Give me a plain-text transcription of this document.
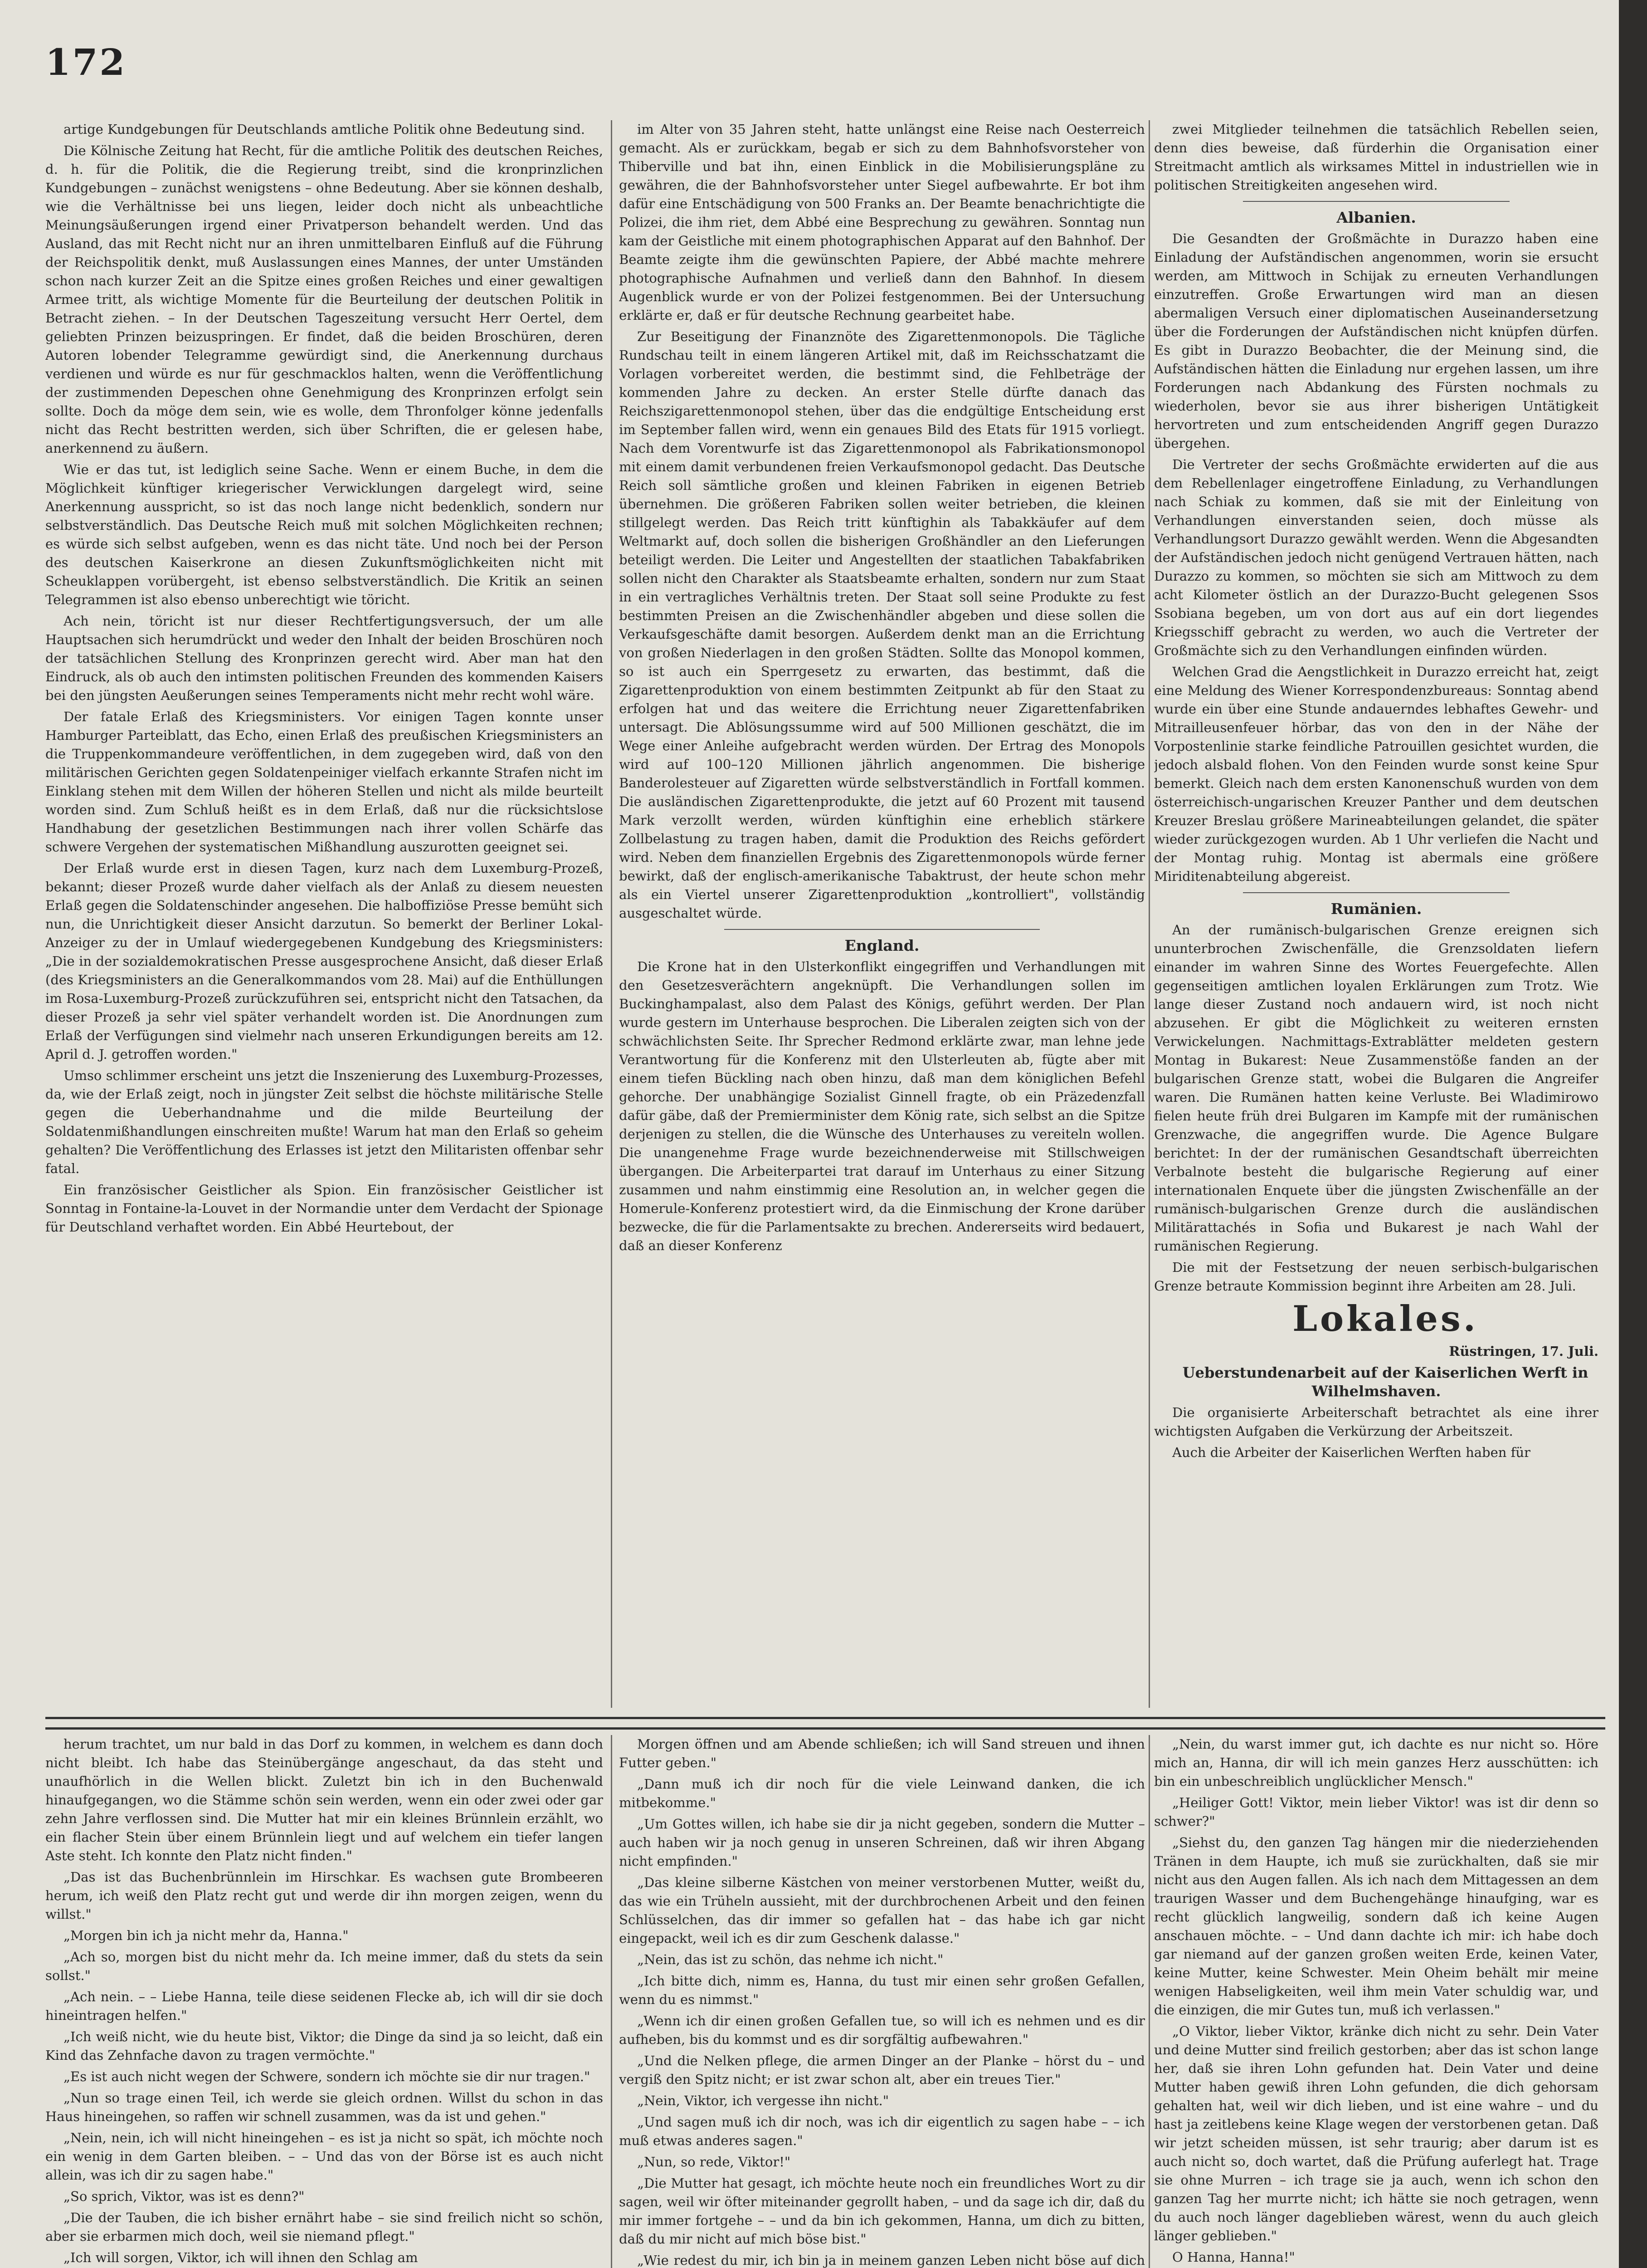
172

artige Kundgebungen für Deutschlands amtliche Politik ohne Bedeutung sind.

Die Kölnische Zeitung hat Recht, für die amtliche Politik des deutschen Reiches, d. h. für die Politik, die die Regierung treibt, sind die kronprinzlichen Kundgebungen – zunächst wenigstens – ohne Bedeutung. Aber sie können deshalb, wie die Verhältnisse bei uns liegen, leider doch nicht als unbeachtliche Meinungsäußerungen irgend einer Privatperson behandelt werden. Und das Ausland, das mit Recht nicht nur an ihren unmittelbaren Einfluß auf die Führung der Reichspolitik denkt, muß Auslassungen eines Mannes, der unter Umständen schon nach kurzer Zeit an die Spitze eines großen Reiches und einer gewaltigen Armee tritt, als wichtige Momente für die Beurteilung der deutschen Politik in Betracht ziehen. – In der Deutschen Tageszeitung versucht Herr Oertel, dem geliebten Prinzen beizuspringen. Er findet, daß die beiden Broschüren, deren Autoren lobender Telegramme gewürdigt sind, die Anerkennung durchaus verdienen und würde es nur für geschmacklos halten, wenn die Veröffentlichung der zustimmenden Depeschen ohne Genehmigung des Kronprinzen erfolgt sein sollte. Doch da möge dem sein, wie es wolle, dem Thronfolger könne jedenfalls nicht das Recht bestritten werden, sich über Schriften, die er gelesen habe, anerkennend zu äußern.

Wie er das tut, ist lediglich seine Sache. Wenn er einem Buche, in dem die Möglichkeit künftiger kriegerischer Verwicklungen dargelegt wird, seine Anerkennung ausspricht, so ist das noch lange nicht bedenklich, sondern nur selbstverständlich. Das Deutsche Reich muß mit solchen Möglichkeiten rechnen; es würde sich selbst aufgeben, wenn es das nicht täte. Und noch bei der Person des deutschen Kaiserkrone an diesen Zukunftsmöglichkeiten nicht mit Scheuklappen vorübergeht, ist ebenso selbstverständlich. Die Kritik an seinen Telegrammen ist also ebenso unberechtigt wie töricht.

Ach nein, töricht ist nur dieser Rechtfertigungsversuch, der um alle Hauptsachen sich herumdrückt und weder den Inhalt der beiden Broschüren noch der tatsächlichen Stellung des Kronprinzen gerecht wird. Aber man hat den Eindruck, als ob auch den intimsten politischen Freunden des kommenden Kaisers bei den jüngsten Aeußerungen seines Temperaments nicht mehr recht wohl wäre.

Der fatale Erlaß des Kriegsministers. Vor einigen Tagen konnte unser Hamburger Parteiblatt, das Echo, einen Erlaß des preußischen Kriegsministers an die Truppenkommandeure veröffentlichen, in dem zugegeben wird, daß von den militärischen Gerichten gegen Soldatenpeiniger vielfach erkannte Strafen nicht im Einklang stehen mit dem Willen der höheren Stellen und nicht als milde beurteilt worden sind. Zum Schluß heißt es in dem Erlaß, daß nur die rücksichtslose Handhabung der gesetzlichen Bestimmungen nach ihrer vollen Schärfe das schwere Vergehen der systematischen Mißhandlung auszurotten geeignet sei.

Der Erlaß wurde erst in diesen Tagen, kurz nach dem Luxemburg-Prozeß, bekannt; dieser Prozeß wurde daher vielfach als der Anlaß zu diesem neuesten Erlaß gegen die Soldatenschinder angesehen. Die halboffiziöse Presse bemüht sich nun, die Unrichtigkeit dieser Ansicht darzutun. So bemerkt der Berliner Lokal-Anzeiger zu der in Umlauf wiedergegebenen Kundgebung des Kriegsministers: „Die in der sozialdemokratischen Presse ausgesprochene Ansicht, daß dieser Erlaß (des Kriegsministers an die Generalkommandos vom 28. Mai) auf die Enthüllungen im Rosa-Luxemburg-Prozeß zurückzuführen sei, entspricht nicht den Tatsachen, da dieser Prozeß ja sehr viel später verhandelt worden ist. Die Anordnungen zum Erlaß der Verfügungen sind vielmehr nach unseren Erkundigungen bereits am 12. April d. J. getroffen worden."

Umso schlimmer erscheint uns jetzt die Inszenierung des Luxemburg-Prozesses, da, wie der Erlaß zeigt, noch in jüngster Zeit selbst die höchste militärische Stelle gegen die Ueberhandnahme und die milde Beurteilung der Soldatenmißhandlungen einschreiten mußte! Warum hat man den Erlaß so geheim gehalten? Die Veröffentlichung des Erlasses ist jetzt den Militaristen offenbar sehr fatal.

Ein französischer Geistlicher als Spion. Ein französischer Geistlicher ist Sonntag in Fontaine-la-Louvet in der Normandie unter dem Verdacht der Spionage für Deutschland verhaftet worden. Ein Abbé Heurtebout, der

im Alter von 35 Jahren steht, hatte unlängst eine Reise nach Oesterreich gemacht. Als er zurückkam, begab er sich zu dem Bahnhofsvorsteher von Thiberville und bat ihn, einen Einblick in die Mobilisierungspläne zu gewähren, die der Bahnhofsvorsteher unter Siegel aufbewahrte. Er bot ihm dafür eine Entschädigung von 500 Franks an. Der Beamte benachrichtigte die Polizei, die ihm riet, dem Abbé eine Besprechung zu gewähren. Sonntag nun kam der Geistliche mit einem photographischen Apparat auf den Bahnhof. Der Beamte zeigte ihm die gewünschten Papiere, der Abbé machte mehrere photographische Aufnahmen und verließ dann den Bahnhof. In diesem Augenblick wurde er von der Polizei festgenommen. Bei der Untersuchung erklärte er, daß er für deutsche Rechnung gearbeitet habe.

Zur Beseitigung der Finanznöte des Zigarettenmonopols. Die Tägliche Rundschau teilt in einem längeren Artikel mit, daß im Reichsschatzamt die Vorlagen vorbereitet werden, die bestimmt sind, die Fehlbeträge der kommenden Jahre zu decken. An erster Stelle dürfte danach das Reichszigarettenmonopol stehen, über das die endgültige Entscheidung erst im September fallen wird, wenn ein genaues Bild des Etats für 1915 vorliegt. Nach dem Vorentwurfe ist das Zigarettenmonopol als Fabrikationsmonopol mit einem damit verbundenen freien Verkaufsmonopol gedacht. Das Deutsche Reich soll sämtliche großen und kleinen Fabriken in eigenen Betrieb übernehmen. Die größeren Fabriken sollen weiter betrieben, die kleinen stillgelegt werden. Das Reich tritt künftighin als Tabakkäufer auf dem Weltmarkt auf, doch sollen die bisherigen Großhändler an den Lieferungen beteiligt werden. Die Leiter und Angestellten der staatlichen Tabakfabriken sollen nicht den Charakter als Staatsbeamte erhalten, sondern nur zum Staat in ein vertragliches Verhältnis treten. Der Staat soll seine Produkte zu fest bestimmten Preisen an die Zwischenhändler abgeben und diese sollen die Verkaufsgeschäfte damit besorgen. Außerdem denkt man an die Errichtung von großen Niederlagen in den großen Städten. Sollte das Monopol kommen, so ist auch ein Sperrgesetz zu erwarten, das bestimmt, daß die Zigarettenproduktion von einem bestimmten Zeitpunkt ab für den Staat zu erfolgen hat und das weitere die Errichtung neuer Zigarettenfabriken untersagt. Die Ablösungssumme wird auf 500 Millionen geschätzt, die im Wege einer Anleihe aufgebracht werden würden. Der Ertrag des Monopols wird auf 100–120 Millionen jährlich angenommen. Die bisherige Banderolesteuer auf Zigaretten würde selbstverständlich in Fortfall kommen. Die ausländischen Zigarettenprodukte, die jetzt auf 60 Prozent mit tausend Mark verzollt werden, würden künftighin eine erheblich stärkere Zollbelastung zu tragen haben, damit die Produktion des Reichs gefördert wird. Neben dem finanziellen Ergebnis des Zigarettenmonopols würde ferner bewirkt, daß der englisch-amerikanische Tabaktrust, der heute schon mehr als ein Viertel unserer Zigarettenproduktion „kontrolliert", vollständig ausgeschaltet würde.

England.

Die Krone hat in den Ulsterkonflikt eingegriffen und Verhandlungen mit den Gesetzesverächtern angeknüpft. Die Verhandlungen sollen im Buckinghampalast, also dem Palast des Königs, geführt werden. Der Plan wurde gestern im Unterhause besprochen. Die Liberalen zeigten sich von der schwächlichsten Seite. Ihr Sprecher Redmond erklärte zwar, man lehne jede Verantwortung für die Konferenz mit den Ulsterleuten ab, fügte aber mit einem tiefen Bückling nach oben hinzu, daß man dem königlichen Befehl gehorche. Der unabhängige Sozialist Ginnell fragte, ob ein Präzedenzfall dafür gäbe, daß der Premierminister dem König rate, sich selbst an die Spitze derjenigen zu stellen, die die Wünsche des Unterhauses zu vereiteln wollen. Die unangenehme Frage wurde bezeichnenderweise mit Stillschweigen übergangen. Die Arbeiterpartei trat darauf im Unterhaus zu einer Sitzung zusammen und nahm einstimmig eine Resolution an, in welcher gegen die Homerule-Konferenz protestiert wird, da die Einmischung der Krone darüber bezwecke, die für die Parlamentsakte zu brechen. Andererseits wird bedauert, daß an dieser Konferenz

zwei Mitglieder teilnehmen die tatsächlich Rebellen seien, denn dies beweise, daß fürderhin die Organisation einer Streitmacht amtlich als wirksames Mittel in industriellen wie in politischen Streitigkeiten angesehen wird.

Albanien.

Die Gesandten der Großmächte in Durazzo haben eine Einladung der Aufständischen angenommen, worin sie ersucht werden, am Mittwoch in Schijak zu erneuten Verhandlungen einzutreffen. Große Erwartungen wird man an diesen abermaligen Versuch einer diplomatischen Auseinandersetzung über die Forderungen der Aufständischen nicht knüpfen dürfen. Es gibt in Durazzo Beobachter, die der Meinung sind, die Aufständischen hätten die Einladung nur ergehen lassen, um ihre Forderungen nach Abdankung des Fürsten nochmals zu wiederholen, bevor sie aus ihrer bisherigen Untätigkeit hervortreten und zum entscheidenden Angriff gegen Durazzo übergehen.

Die Vertreter der sechs Großmächte erwiderten auf die aus dem Rebellenlager eingetroffene Einladung, zu Verhandlungen nach Schiak zu kommen, daß sie mit der Einleitung von Verhandlungen einverstanden seien, doch müsse als Verhandlungsort Durazzo gewählt werden. Wenn die Abgesandten der Aufständischen jedoch nicht genügend Vertrauen hätten, nach Durazzo zu kommen, so möchten sie sich am Mittwoch zu dem acht Kilometer östlich an der Durazzo-Bucht gelegenen Ssos Ssobiana begeben, um von dort aus auf ein dort liegendes Kriegsschiff gebracht zu werden, wo auch die Vertreter der Großmächte sich zu den Verhandlungen einfinden würden.

Welchen Grad die Aengstlichkeit in Durazzo erreicht hat, zeigt eine Meldung des Wiener Korrespondenzbureaus: Sonntag abend wurde ein über eine Stunde andauerndes lebhaftes Gewehr- und Mitrailleusenfeuer hörbar, das von den in der Nähe der Vorpostenlinie starke feindliche Patrouillen gesichtet wurden, die jedoch alsbald flohen. Von den Feinden wurde sonst keine Spur bemerkt. Gleich nach dem ersten Kanonenschuß wurden von dem österreichisch-ungarischen Kreuzer Panther und dem deutschen Kreuzer Breslau größere Marineabteilungen gelandet, die später wieder zurückgezogen wurden. Ab 1 Uhr verliefen die Nacht und der Montag ruhig. Montag ist abermals eine größere Miriditenabteilung abgereist.

Rumänien.

An der rumänisch-bulgarischen Grenze ereignen sich ununterbrochen Zwischenfälle, die Grenzsoldaten liefern einander im wahren Sinne des Wortes Feuergefechte. Allen gegenseitigen amtlichen loyalen Erklärungen zum Trotz. Wie lange dieser Zustand noch andauern wird, ist noch nicht abzusehen. Er gibt die Möglichkeit zu weiteren ernsten Verwickelungen. Nachmittags-Extrablätter meldeten gestern Montag in Bukarest: Neue Zusammenstöße fanden an der bulgarischen Grenze statt, wobei die Bulgaren die Angreifer waren. Die Rumänen hatten keine Verluste. Bei Wladimirowo fielen heute früh drei Bulgaren im Kampfe mit der rumänischen Grenzwache, die angegriffen wurde. Die Agence Bulgare berichtet: In der der rumänischen Gesandtschaft überreichten Verbalnote besteht die bulgarische Regierung auf einer internationalen Enquete über die jüngsten Zwischenfälle an der rumänisch-bulgarischen Grenze durch die ausländischen Militärattachés in Sofia und Bukarest je nach Wahl der rumänischen Regierung.

Die mit der Festsetzung der neuen serbisch-bulgarischen Grenze betraute Kommission beginnt ihre Arbeiten am 28. Juli.

Lokales.

Rüstringen, 17. Juli.

Ueberstundenarbeit auf der Kaiserlichen Werft in Wilhelmshaven.

Die organisierte Arbeiterschaft betrachtet als eine ihrer wichtigsten Aufgaben die Verkürzung der Arbeitszeit.

Auch die Arbeiter der Kaiserlichen Werften haben für

herum trachtet, um nur bald in das Dorf zu kommen, in welchem es dann doch nicht bleibt. Ich habe das Steinübergänge angeschaut, da das steht und unaufhörlich in die Wellen blickt. Zuletzt bin ich in den Buchenwald hinaufgegangen, wo die Stämme schön sein werden, wenn ein oder zwei oder gar zehn Jahre verflossen sind. Die Mutter hat mir ein kleines Brünnlein erzählt, wo ein flacher Stein über einem Brünnlein liegt und auf welchem ein tiefer langen Aste steht. Ich konnte den Platz nicht finden."

„Das ist das Buchenbrünnlein im Hirschkar. Es wachsen gute Brombeeren herum, ich weiß den Platz recht gut und werde dir ihn morgen zeigen, wenn du willst."

„Morgen bin ich ja nicht mehr da, Hanna."

„Ach so, morgen bist du nicht mehr da. Ich meine immer, daß du stets da sein sollst."

„Ach nein. – – Liebe Hanna, teile diese seidenen Flecke ab, ich will dir sie doch hineintragen helfen."

„Ich weiß nicht, wie du heute bist, Viktor; die Dinge da sind ja so leicht, daß ein Kind das Zehnfache davon zu tragen vermöchte."

„Es ist auch nicht wegen der Schwere, sondern ich möchte sie dir nur tragen."

„Nun so trage einen Teil, ich werde sie gleich ordnen. Willst du schon in das Haus hineingehen, so raffen wir schnell zusammen, was da ist und gehen."

„Nein, nein, ich will nicht hineingehen – es ist ja nicht so spät, ich möchte noch ein wenig in dem Garten bleiben. – – Und das von der Börse ist es auch nicht allein, was ich dir zu sagen habe."

„So sprich, Viktor, was ist es denn?"

„Die der Tauben, die ich bisher ernährt habe – sie sind freilich nicht so schön, aber sie erbarmen mich doch, weil sie niemand pflegt."

„Ich will sorgen, Viktor, ich will ihnen den Schlag am

Morgen öffnen und am Abende schließen; ich will Sand streuen und ihnen Futter geben."

„Dann muß ich dir noch für die viele Leinwand danken, die ich mitbekomme."

„Um Gottes willen, ich habe sie dir ja nicht gegeben, sondern die Mutter – auch haben wir ja noch genug in unseren Schreinen, daß wir ihren Abgang nicht empfinden."

„Das kleine silberne Kästchen von meiner verstorbenen Mutter, weißt du, das wie ein Trüheln aussieht, mit der durchbrochenen Arbeit und den feinen Schlüsselchen, das dir immer so gefallen hat – das habe ich gar nicht eingepackt, weil ich es dir zum Geschenk dalasse."

„Nein, das ist zu schön, das nehme ich nicht."

„Ich bitte dich, nimm es, Hanna, du tust mir einen sehr großen Gefallen, wenn du es nimmst."

„Wenn ich dir einen großen Gefallen tue, so will ich es nehmen und es dir aufheben, bis du kommst und es dir sorgfältig aufbewahren."

„Und die Nelken pflege, die armen Dinger an der Planke – hörst du – und vergiß den Spitz nicht; er ist zwar schon alt, aber ein treues Tier."

„Nein, Viktor, ich vergesse ihn nicht."

„Und sagen muß ich dir noch, was ich dir eigentlich zu sagen habe – – ich muß etwas anderes sagen."

„Nun, so rede, Viktor!"

„Die Mutter hat gesagt, ich möchte heute noch ein freundliches Wort zu dir sagen, weil wir öfter miteinander gegrollt haben, – und da sage ich dir, daß du mir immer fortgehe – – und da bin ich gekommen, Hanna, um dich zu bitten, daß du mir nicht auf mich böse bist."

„Wie redest du mir, ich bin ja in meinem ganzen Leben nicht böse auf dich

„Nein, du warst immer gut, ich dachte es nur nicht so. Höre mich an, Hanna, dir will ich mein ganzes Herz ausschütten: ich bin ein unbeschreiblich unglücklicher Mensch."

„Heiliger Gott! Viktor, mein lieber Viktor! was ist dir denn so schwer?"

„Siehst du, den ganzen Tag hängen mir die niederziehenden Tränen in dem Haupte, ich muß sie zurückhalten, daß sie mir nicht aus den Augen fallen. Als ich nach dem Mittagessen an dem traurigen Wasser und dem Buchengehänge hinaufging, war es recht glücklich langweilig, sondern daß ich keine Augen anschauen möchte. – – Und dann dachte ich mir: ich habe doch gar niemand auf der ganzen großen weiten Erde, keinen Vater, keine Mutter, keine Schwester. Mein Oheim behält mir meine wenigen Habseligkeiten, weil ihm mein Vater schuldig war, und die einzigen, die mir Gutes tun, muß ich verlassen."

„O Viktor, lieber Viktor, kränke dich nicht zu sehr. Dein Vater und deine Mutter sind freilich gestorben; aber das ist schon lange her, daß sie ihren Lohn gefunden hat. Dein Vater und deine Mutter haben gewiß ihren Lohn gefunden, die dich gehorsam gehalten hat, weil wir dich lieben, und ist eine wahre – und du hast ja zeitlebens keine Klage wegen der verstorbenen getan. Daß wir jetzt scheiden müssen, ist sehr traurig; aber darum ist es auch nicht so, doch wartet, daß die Prüfung auferlegt hat. Trage sie ohne Murren – ich trage sie ja auch, wenn ich schon den ganzen Tag her murrte nicht; ich hätte sie noch getragen, wenn du auch noch länger dageblieben wärest, wenn du auch gleich länger geblieben."

O Hanna, Hanna!"
